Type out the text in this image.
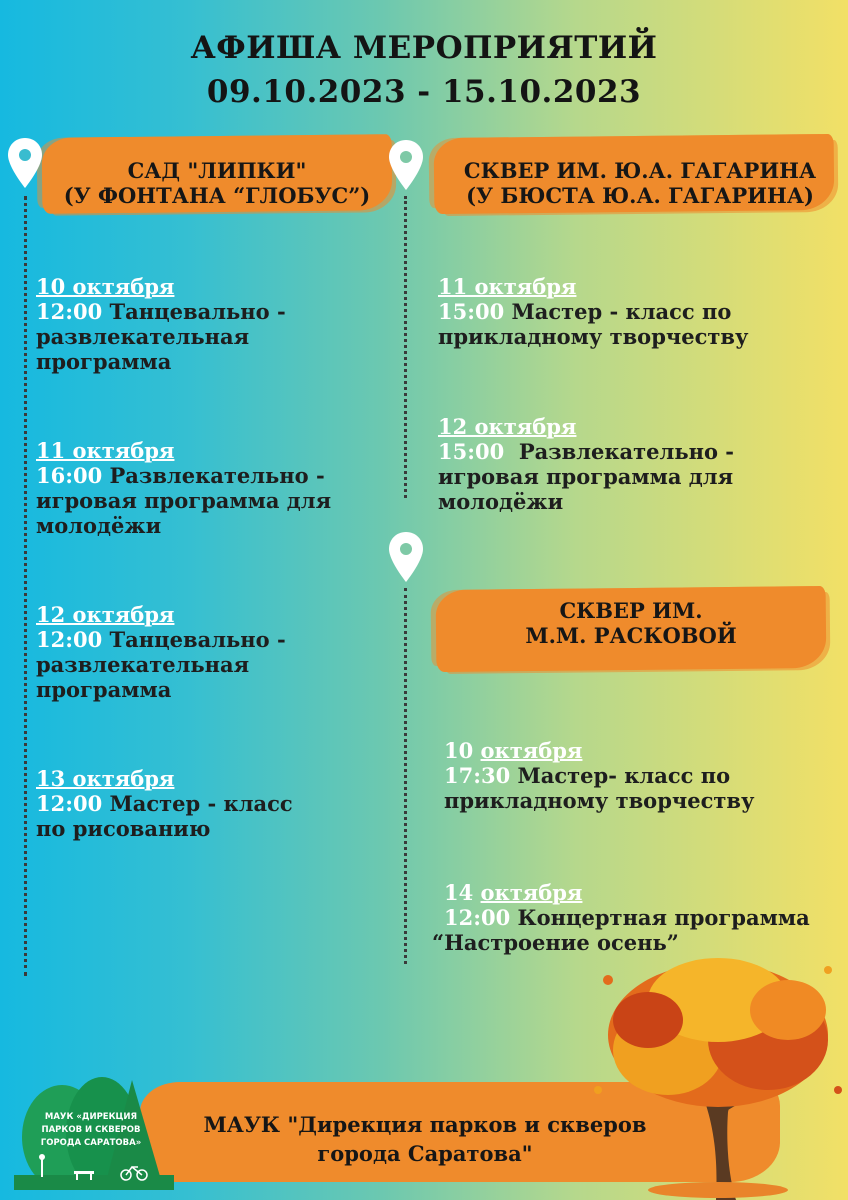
АФИША МЕРОПРИЯТИЙ
09.10.2023 - 15.10.2023
САД "ЛИПКИ"
(У ФОНТАНА “ГЛОБУС”)
СКВЕР ИМ. Ю.А. ГАГАРИНА
(У БЮСТА Ю.А. ГАГАРИНА)
СКВЕР ИМ.
М.М. РАСКОВОЙ
10 октября
12:00 Танцевально -
развлекательная
программа
11 октября
16:00 Развлекательно -
игровая программа для
молодёжи
12 октября
12:00 Танцевально -
развлекательная
программа
13 октября
12:00 Мастер - класс
по рисованию
11 октября
15:00 Мастер - класс по
прикладному творчеству
12 октября
15:00  Развлекательно -
игровая программа для
молодёжи
10 октября
17:30 Мастер- класс по
прикладному творчеству
14 октября
12:00 Концертная программа
“Настроение осень”
МАУК "Дирекция парков и скверов
города Саратова"
МАУК «ДИРЕКЦИЯ ПАРКОВ И СКВЕРОВ
ГОРОДА САРАТОВА»
